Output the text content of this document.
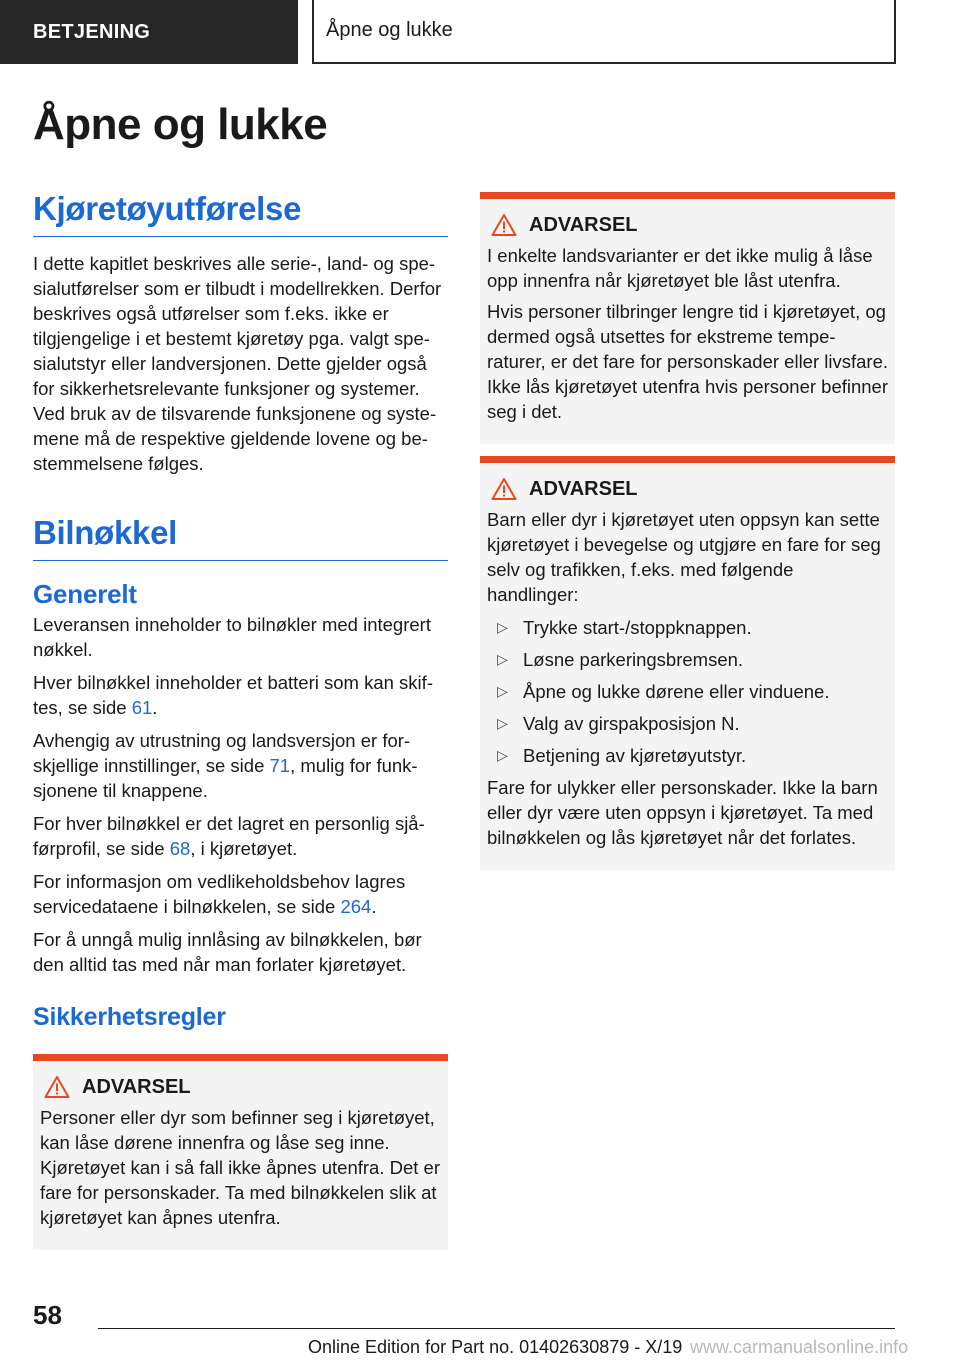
BETJENING	Åpne og lukke
Åpne og lukke
Kjøretøyutførelse

I dette kapitlet beskrives alle serie-, land- og spesialutførelser som er tilbudt i modellrekken. Derfor beskrives også utførelser som f.eks. ikke er tilgjengelige i et bestemt kjøretøy pga. valgt spesialutstyr eller landversjonen. Dette gjelder også for sikkerhetsrelevante funksjoner og systemer. Ved bruk av de tilsvarende funksjonene og systemene må de respektive gjeldende lovene og bestemmelsene følges.

Bilnøkkel
Generelt

Leveransen inneholder to bilnøkler med integrert nøkkel.

Hver bilnøkkel inneholder et batteri som kan skiftes, se side 61.

Avhengig av utrustning og landsversjon er forskjellige innstillinger, se side 71, mulig for funksjonene til knappene.

For hver bilnøkkel er det lagret en personlig sjåførprofil, se side 68, i kjøretøyet.

For informasjon om vedlikeholdsbehov lagres servicedataene i bilnøkkelen, se side 264.

For å unngå mulig innlåsing av bilnøkkelen, bør den alltid tas med når man forlater kjøretøyet.

Sikkerhetsregler
ADVARSEL

Personer eller dyr som befinner seg i kjøretøyet, kan låse dørene innenfra og låse seg inne. Kjøretøyet kan i så fall ikke åpnes utenfra. Det er fare for personskader. Ta med bilnøkkelen slik at kjøretøyet kan åpnes utenfra.

ADVARSEL

I enkelte landsvarianter er det ikke mulig å låse opp innenfra når kjøretøyet ble låst utenfra.

Hvis personer tilbringer lengre tid i kjøretøyet, og dermed også utsettes for ekstreme temperaturer, er det fare for personskader eller livsfare. Ikke lås kjøretøyet utenfra hvis personer befinner seg i det.

ADVARSEL

Barn eller dyr i kjøretøyet uten oppsyn kan sette kjøretøyet i bevegelse og utgjøre en fare for seg selv og trafikken, f.eks. med følgende handlinger:

▷ Trykke start-/stoppknappen.
▷ Løsne parkeringsbremsen.
▷ Åpne og lukke dørene eller vinduene.
▷ Valg av girspakposisjon N.
▷ Betjening av kjøretøyutstyr.

Fare for ulykker eller personskader. Ikke la barn eller dyr være uten oppsyn i kjøretøyet. Ta med bilnøkkelen og lås kjøretøyet når det forlates.

58
Online Edition for Part no. 01402630879 - X/19 www.carmanualsonline.info
